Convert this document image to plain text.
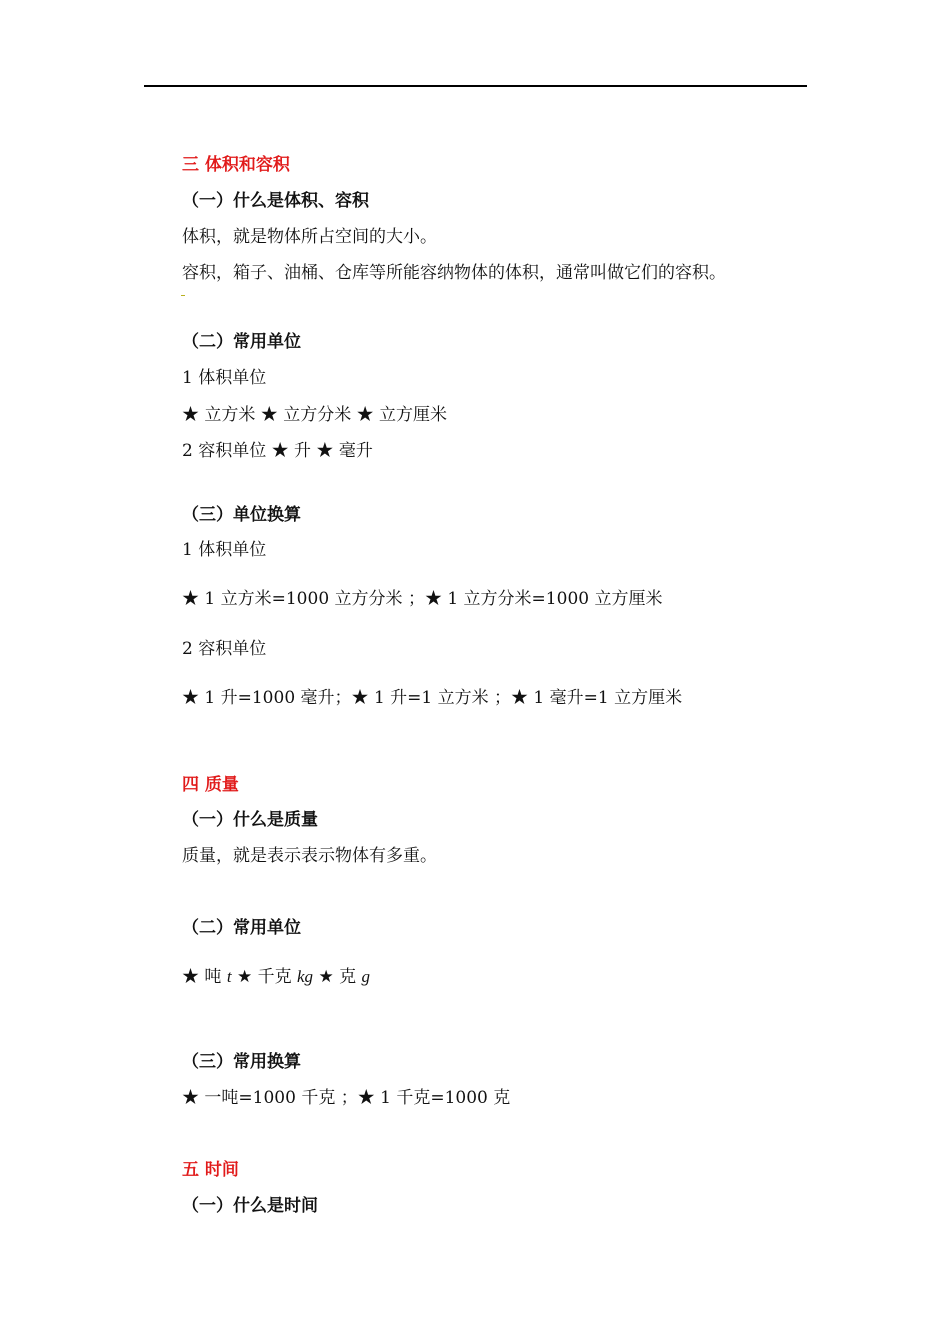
三 体积和容积
（一）什么是体积、容积
体积，就是物体所占空间的大小。
容积，箱子、油桶、仓库等所能容纳物体的体积，通常叫做它们的容积。
（二）常用单位
1 体积单位
★ 立方米 ★ 立方分米 ★ 立方厘米
2 容积单位 ★ 升 ★ 毫升
（三）单位换算
1 体积单位
★ 1 立方米=1000 立方分米 ；★ 1 立方分米=1000 立方厘米
2 容积单位
★ 1 升=1000 毫升；★ 1 升=1 立方米 ；★ 1 毫升=1 立方厘米
四 质量
（一）什么是质量
质量，就是表示表示物体有多重。
（二）常用单位
★ 吨 t ★ 千克 kg ★ 克 g
（三）常用换算
★ 一吨=1000 千克 ；★ 1 千克=1000 克
五 时间
（一）什么是时间
